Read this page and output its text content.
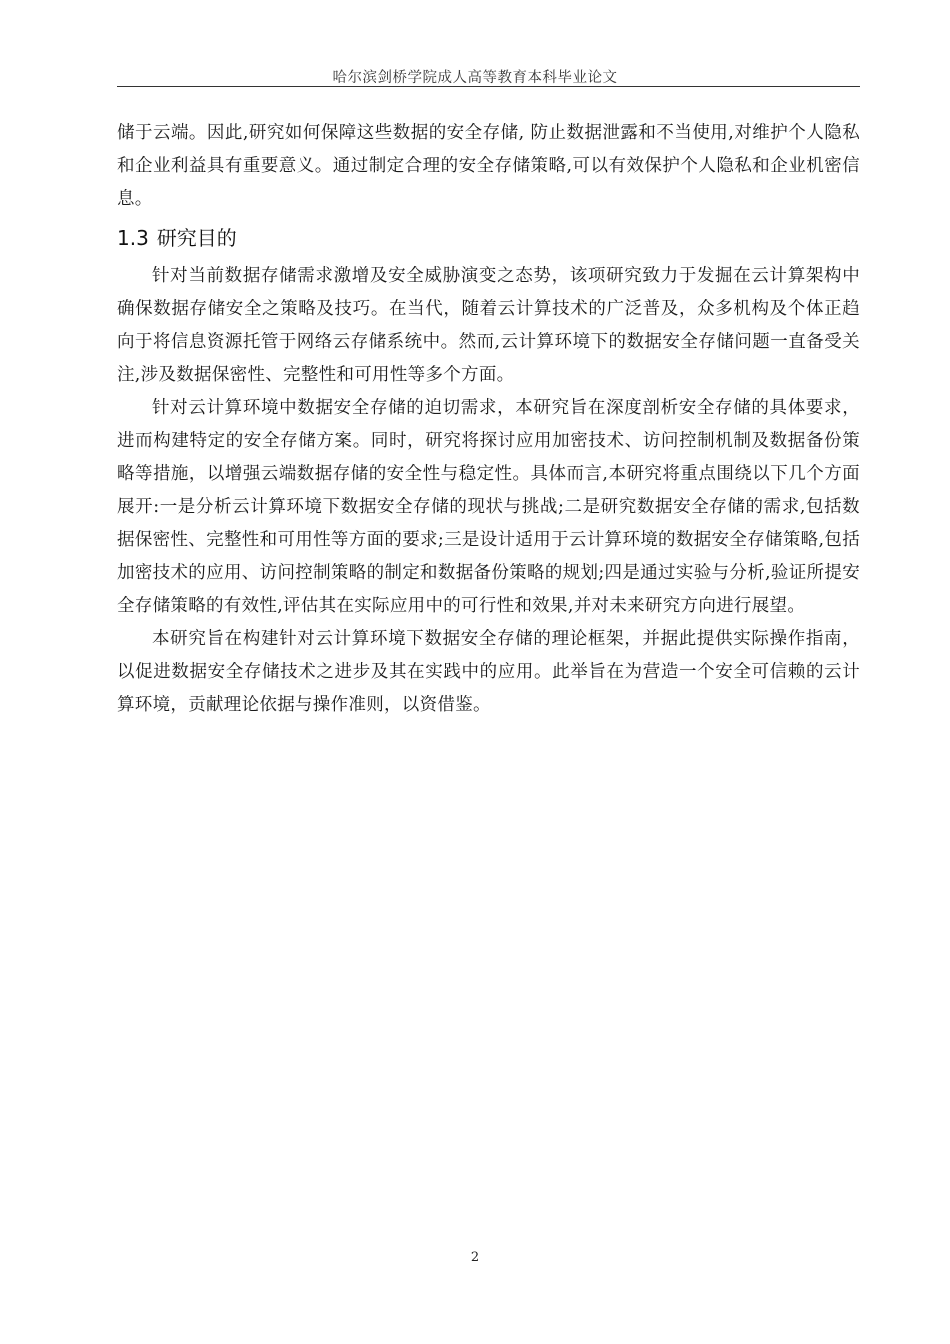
哈尔滨剑桥学院成人高等教育本科毕业论文

储于云端。因此,研究如何保障这些数据的安全存储, 防止数据泄露和不当使用,对维护个人隐私和企业利益具有重要意义。通过制定合理的安全存储策略,可以有效保护个人隐私和企业机密信息。

1.3 研究目的

针对当前数据存储需求激增及安全威胁演变之态势，该项研究致力于发掘在云计算架构中确保数据存储安全之策略及技巧。在当代，随着云计算技术的广泛普及，众多机构及个体正趋向于将信息资源托管于网络云存储系统中。然而,云计算环境下的数据安全存储问题一直备受关注,涉及数据保密性、完整性和可用性等多个方面。

针对云计算环境中数据安全存储的迫切需求，本研究旨在深度剖析安全存储的具体要求，进而构建特定的安全存储方案。同时，研究将探讨应用加密技术、访问控制机制及数据备份策略等措施，以增强云端数据存储的安全性与稳定性。具体而言,本研究将重点围绕以下几个方面展开:一是分析云计算环境下数据安全存储的现状与挑战;二是研究数据安全存储的需求,包括数据保密性、完整性和可用性等方面的要求;三是设计适用于云计算环境的数据安全存储策略,包括加密技术的应用、访问控制策略的制定和数据备份策略的规划;四是通过实验与分析,验证所提安全存储策略的有效性,评估其在实际应用中的可行性和效果,并对未来研究方向进行展望。

本研究旨在构建针对云计算环境下数据安全存储的理论框架，并据此提供实际操作指南，以促进数据安全存储技术之进步及其在实践中的应用。此举旨在为营造一个安全可信赖的云计算环境，贡献理论依据与操作准则，以资借鉴。

2
